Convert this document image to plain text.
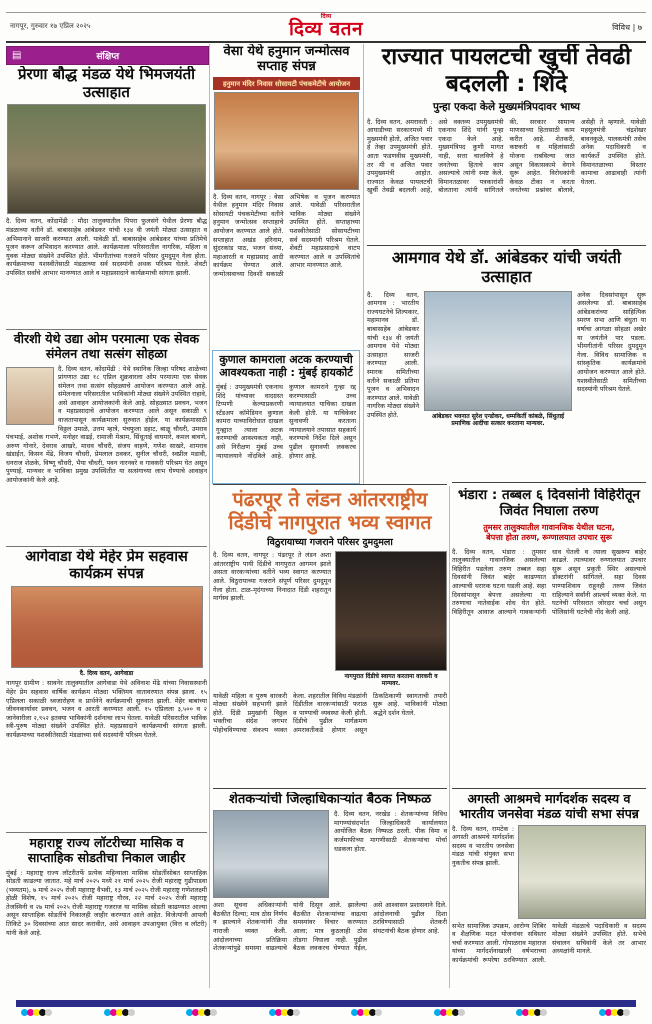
नागपूर, गुरुवार १७ एप्रिल २०२५
दिव्य
दिव्य वतन	विविध | ७
▤	संक्षिप्त
प्रेरणा बौद्ध मंडळ येथे भिमजयंती उत्साहात
दै. दिव्य वतन, कोंदामेंढी : मौदा तालुक्यातील पिपरा फुलसंगे येथील प्रेरणा बौद्ध मंडळाच्या वतीने डॉ. बाबासाहेब आंबेडकर यांची १३४ वी जयंती मोठ्या उत्साहात व अभिमानाने साजरी करण्यात आली. यावेळी डॉ. बाबासाहेब आंबेडकर यांच्या प्रतिमेचे पूजन करून अभिवादन करण्यात आले. कार्यक्रमाला परिसरातील नागरिक, महिला व युवक मोठ्या संख्येने उपस्थित होते. भीमगीतांच्या गजराने परिसर दुमदुमून गेला होता. कार्यक्रमाच्या यशस्वीतेसाठी मंडळाच्या सर्व सदस्यांनी अथक परिश्रम घेतले. शेवटी उपस्थित सर्वांचे आभार मानण्यात आले व महाप्रसादाने कार्यक्रमाची सांगता झाली.
वीरशी येथे उद्या ओम परमात्मा एक सेवक संमेलन तथा सत्संग सोहळा
दै. दिव्य वतन, कोंदामेंढी : येथे स्थानिक जिल्हा परिषद शाळेच्या प्रांगणात उद्या १८ एप्रिल शुक्रवारला ओम परमात्मा एक सेवक संमेलन तथा सत्संग सोहळ्याचे आयोजन करण्यात आले आहे. संमेलनाला परिसरातील भाविकांनी मोठ्या संख्येने उपस्थित राहावे, असे आवाहन आयोजकांनी केले आहे. सोहळ्यात प्रवचन, भजन व महाप्रसादाचे आयोजन करण्यात आले असून सकाळी ९ वाजतापासून कार्यक्रमाला सुरुवात होईल. या कार्यक्रमासाठी विठ्ठल उमाळे, उत्तम म्हात्रे, पंचफुला डहाट, बाळू चौधरी, उमराव पंचभाई, अशोक गभणे, मनोहर वाढई, रामाजी मेश्राम, सिंधूताई वाघमारे, कमल बावणे, अरुण गोनारे, देवराव आखरे, माधव चौधरी, संजय वाहणे, गणेश साखरे, शामराव खंडाईत, किसन मेंढे, विजय चौधरी, प्रेमलाल ठवकर, सुनील चौधरी, स्वप्नील मडावी, धनराज शेळके, विष्णू चौधरी, भैया चौधरी, पवन नारनवरे व गावकरी परिश्रम घेत असून पुण्याई, मान्यवर व भाविका प्रमुख उपस्थितीत या सत्संगाच्या लाभ घेण्याचे आवाहन आयोजकांनी केले आहे.
आगेवाडा येथे मेहेर प्रेम सहवास कार्यक्रम संपन्न
दै. दिव्य वतन, आगेवाडा
नागपूर ग्रामीण : सावनेर तालुक्यातील आगेवाडा येथे अविनाश मेंढे यांच्या निवासस्थानी मेहेर प्रेम सहवास वार्षिक कार्यक्रम मोठ्या भक्तिमय वातावरणात संपन्न झाला. १५ एप्रिलला सकाळी ध्वजारोहण व प्रार्थनेने कार्यक्रमाची सुरुवात झाली. मेहेर बाबांच्या जीवनकार्यावर प्रवचन, भजन व आरती करण्यात आली. १५ एप्रिलला ३,५०० व २ जानेवारीला २,९५२ इतक्या भाविकांनी दर्शनाचा लाभ घेतला. यावेळी परिसरातील भाविक स्त्री-पुरुष मोठ्या संख्येने उपस्थित होते. महाप्रसादाने कार्यक्रमाची सांगता झाली. कार्यक्रमाच्या यशस्वीतेसाठी मंडळाच्या सर्व सदस्यांनी परिश्रम घेतले.
महाराष्ट्र राज्य लॉटरीच्या मासिक व साप्ताहिक सोडतीचा निकाल जाहीर
मुंबई : महाराष्ट्र राज्य लॉटरीतर्फे प्रत्येक महिन्याला मासिक सोडतींसोबत साप्ताहिक सोडती काढल्या जातात. महे मार्च २०२५ मध्ये २१ मार्च २०२५ रोजी महाराष्ट्र गुढीपाडवा (भव्यतम), ७ मार्च २०२५ रोजी महाराष्ट्र वैभवी, १३ मार्च २०२५ रोजी महाराष्ट्र गणेशलक्ष्मी होळी विशेष, १५ मार्च २०२५ रोजी महाराष्ट्र गौरव, २२ मार्च २०२५ रोजी महाराष्ट्र तेजस्विनी व २७ मार्च २०२५ रोजी महाराष्ट्र गजराज या मासिक सोडती काढण्यात आल्या असून साप्ताहिक सोडतींचे निकालही जाहीर करण्यात आले आहेत. विजेत्यांनी आपली तिकिटे ३० दिवसांच्या आत सादर करावीत, असे आवाहन उपआयुक्त (वित्त व लॉटरी) यांनी केले आहे.
वेसा येथे हनुमान जन्मोत्सव सप्ताह संपन्न
हनुमान मंदिर निवास सोसायटी पंचकमेटीचे आयोजन
दै. दिव्य वतन, नागपूर : वेसा येथील हनुमान मंदिर निवास सोसायटी पंचकमेटीच्या वतीने हनुमान जन्मोत्सव सप्ताहाचे आयोजन करण्यात आले होते. सप्ताहात अखंड हरिनाम, सुंदरकांड पाठ, भजन संध्या, महाआरती व महाप्रसाद आदी कार्यक्रम घेण्यात आले. जन्मोत्सवाच्या दिवशी सकाळी अभिषेक व पूजन करण्यात आले. यावेळी परिसरातील भाविक मोठ्या संख्येने उपस्थित होते. सप्ताहाच्या यशस्वीतेसाठी सोसायटीच्या सर्व सदस्यांनी परिश्रम घेतले. शेवटी महाप्रसादाचे वाटप करण्यात आले व उपस्थितांचे आभार मानण्यात आले.
कुणाल कामराला अटक करण्याची आवश्यकता नाही : मुंबई हायकोर्ट
मुंबई : उपमुख्यमंत्री एकनाथ शिंदे यांच्यावर वादग्रस्त टिप्पणी केल्याप्रकरणी स्टँडअप कॉमेडियन कुणाल कामरा याच्याविरोधात दाखल गुन्ह्यात त्याला अटक करण्याची आवश्यकता नाही, असे निरीक्षण मुंबई उच्च न्यायालयाने नोंदविले आहे. कुणाल कामराने गुन्हा रद्द करण्यासाठी उच्च न्यायालयात याचिका दाखल केली होती. या याचिकेवर सुनावणी करताना न्यायालयाने तपासात सहकार्य करण्याचे निर्देश दिले असून पुढील सुनावणी लवकरच होणार आहे.
राज्यात पायलटची खुर्ची तेवढी बदलली : शिंदे
पुन्हा एकदा केले मुख्यमंत्रिपदावर भाष्य
दै. दिव्य वतन, अमरावती : आघाडीच्या सरकारमध्ये मी मुख्यमंत्री होतो, अजित पवार हे तेव्हा उपमुख्यमंत्री होते. आता फडणवीस मुख्यमंत्री, तर मी व अजित पवार उपमुख्यमंत्री आहोत. राज्यात केवळ पायलटची खुर्ची तेवढी बदलली आहे, असे वक्तव्य उपमुख्यमंत्री एकनाथ शिंदे यांनी पुन्हा एकदा केले आहे. मुख्यमंत्रिपद कुणी मागत नाही, सत्ता चालविणे हे जनतेच्या हिताचे काम असल्याचे त्यांनी स्पष्ट केले. विमानतळावर पत्रकारांशी बोलताना त्यांनी सांगितले की, सरकार सामान्य माणसाच्या हितासाठी काम करीत आहे. शेतकरी, कष्टकरी व महिलांसाठी योजना राबविल्या जात असून विकासकामे वेगाने सुरू आहेत. विरोधकांनी केवळ टीका न करता जनतेच्या प्रश्नांवर बोलावे, असेही ते म्हणाले. यावेळी महसूलमंत्री चंद्रशेखर बावनकुळे, पालकमंत्री तसेच अनेक पदाधिकारी व कार्यकर्ते उपस्थित होते. विमानतळाच्या विस्तार कामाचा आढावाही त्यांनी घेतला.
आमगाव येथे डॉ. आंबेडकर यांची जयंती उत्साहात
दै. दिव्य वतन, आमगाव : भारतीय राज्यघटनेचे शिल्पकार, महामानव डॉ. बाबासाहेब आंबेडकर यांची १३४ वी जयंती आमगाव येथे मोठ्या उत्साहात साजरी करण्यात आली. स्मारक समितीच्या वतीने सकाळी प्रतिमा पूजन व अभिवादन करण्यात आले. यावेळी नागरिक मोठ्या संख्येने उपस्थित होते.	आंबेडकर भवनात सुरेश एन्डोकर, धम्मकिर्ती कांबळे, सिंधुताई प्रमाणिक आदींचा सत्कार करताना मान्यवर.
अनेक दिवसांपासून सुरू असलेल्या डॉ. बाबासाहेब आंबेडकरांच्या साहित्यिक स्मरण सभा आणि बंधुता या वर्षाचा आगळा सोहळा अखेर या जयंतीने पार पडला. भीमगीतांनी परिसर दुमदुमून गेला. विविध सामाजिक व सांस्कृतिक कार्यक्रमांचे आयोजन करण्यात आले होते. यशस्वीतेसाठी समितीच्या सदस्यांनी परिश्रम घेतले.
पंढरपूर ते लंडन आंतरराष्ट्रीय दिंडीचे नागपुरात भव्य स्वागत
विठुरायाच्या गजराने परिसर दुमदुमला
नागपुरात दिंडीचे स्वागत करताना वारकरी व मान्यवर.
दै. दिव्य वतन, नागपूर : पंढरपूर ते लंडन अशा आंतरराष्ट्रीय पायी दिंडीचे नागपुरात आगमन झाले असता वारकऱ्यांच्या वतीने भव्य स्वागत करण्यात आले. विठुरायाच्या गजराने संपूर्ण परिसर दुमदुमून गेला होता. टाळ-मृदंगाच्या निनादात दिंडी शहरातून मार्गस्थ झाली.
यावेळी महिला व पुरुष वारकरी मोठ्या संख्येने सहभागी झाले होते. दिंडी प्रमुखांनी विठ्ठल भक्तीचा संदेश जगभर पोहोचविण्याचा संकल्प व्यक्त केला. शहरातील विविध मंडळांनी दिंडीतील वारकऱ्यांसाठी फराळ व पाण्याची व्यवस्था केली होती. दिंडीचे पुढील मार्गक्रमण अमरावतीकडे होणार असून ठिकठिकाणी स्वागताची तयारी सुरू आहे. भाविकांनी मोठ्या श्रद्धेने दर्शन घेतले.
भंडारा : तब्बल ६ दिवसांनी विहिरीतून जिवंत निघाला तरुण
तुमसर तालुक्यातील गावानजिक येथील घटना,
बेपत्ता होता तरुण, रूग्णालयात उपचार सुरू
दै. दिव्य वतन, भंडारा : तुमसर तालुक्यातील गावानजिक असलेल्या विहिरीत पडलेला तरुण तब्बल सहा दिवसांनी जिवंत बाहेर काढण्यात आल्याची थरारक घटना घडली आहे. सहा दिवसांपासून बेपत्ता असलेल्या या तरुणाचा नातेवाईक शोध घेत होते. विहिरीतून आवाज आल्याने गावकऱ्यांनी धाव घेतली व त्याला सुखरूप बाहेर काढले. त्याच्यावर रुग्णालयात उपचार सुरू असून प्रकृती स्थिर असल्याचे डॉक्टरांनी सांगितले. सहा दिवस पाण्याशिवाय राहूनही तरुण जिवंत राहिल्याने सर्वांनी आश्चर्य व्यक्त केले. या घटनेची परिसरात जोरदार चर्चा असून पोलिसांनी घटनेची नोंद केली आहे.
शेतकऱ्यांची जिल्हाधिकाऱ्यांत बैठक निष्फळ
दै. दिव्य वतन, नरखेड : शेतकऱ्यांच्या विविध मागण्यांसंदर्भात जिल्हाधिकारी कार्यालयात आयोजित बैठक निष्फळ ठरली. पीक विमा व कर्जमाफीच्या मागणीसाठी शेतकऱ्यांचा मोर्चा धडकला होता.
अशा सूचना अधिकाऱ्यांनी बैठकीत दिल्या; मात्र ठोस निर्णय न झाल्याने शेतकऱ्यांनी तीव्र नाराजी व्यक्त केली. आंदोलनाच्या प्रतिक्रिया शेतकऱ्यांपुढे समस्या वाढल्याचे यांनी दिसून आले. झालेल्या बैठकीत शेतकऱ्यांच्या वाढत्या समस्यांवर विचार करण्यात आला; मात्र कुठलाही ठोस तोडगा निघाला नाही. पुढील बैठक लवकरच घेण्यात येईल, असे आश्वासन प्रशासनाने दिले. आंदोलनाची पुढील दिशा ठरविण्यासाठी शेतकरी संघटनांची बैठक होणार आहे.
अगस्ती आश्रमचे मार्गदर्शक सदस्य व भारतीय जनसेवा मंडळ यांची सभा संपन्न
दै. दिव्य वतन, रामटेक : अगस्ती आश्रमचे मार्गदर्शक सदस्य व भारतीय जनसेवा मंडळ यांची संयुक्त सभा नुकतीच संपन्न झाली.
सभेत सामाजिक उपक्रम, आरोग्य शिबिर व शैक्षणिक मदत योजनांवर सविस्तर चर्चा करण्यात आली. गोपाळराव महाराज यांच्या मार्गदर्शनाखाली वर्षभराच्या कार्यक्रमांची रूपरेषा ठरविण्यात आली. यावेळी मंडळाचे पदाधिकारी व सदस्य मोठ्या संख्येने उपस्थित होते. सभेचे संचालन सचिवांनी केले तर आभार अध्यक्षांनी मानले.
